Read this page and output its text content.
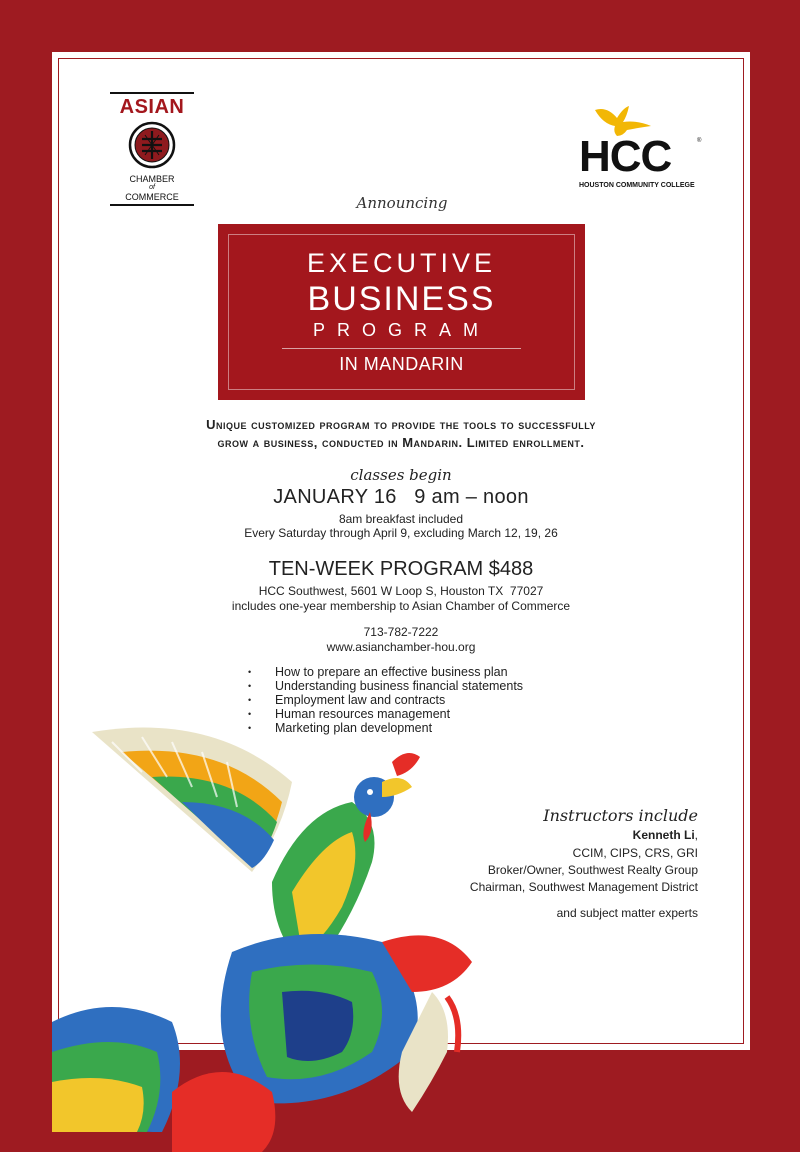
ASIAN
CHAMBER
of
COMMERCE
HCC	®
HOUSTON COMMUNITY COLLEGE
Announcing
EXECUTIVE
BUSINESS
PROGRAM
IN MANDARIN
Unique customized program to provide the tools to successfully
grow a business, conducted in Mandarin. Limited enrollment.
classes begin
JANUARY 16   9 am – noon
8am breakfast included
Every Saturday through April 9, excluding March 12, 19, 26
TEN-WEEK PROGRAM $488
HCC Southwest, 5601 W Loop S, Houston TX  77027
includes one-year membership to Asian Chamber of Commerce
713-782-7222
www.asianchamber-hou.org
• How to prepare an effective business plan
• Understanding business financial statements
• Employment law and contracts
• Human resources management
• Marketing plan development
Instructors include
Kenneth Li,
CCIM, CIPS, CRS, GRI
Broker/Owner, Southwest Realty Group
Chairman, Southwest Management District
and subject matter experts
